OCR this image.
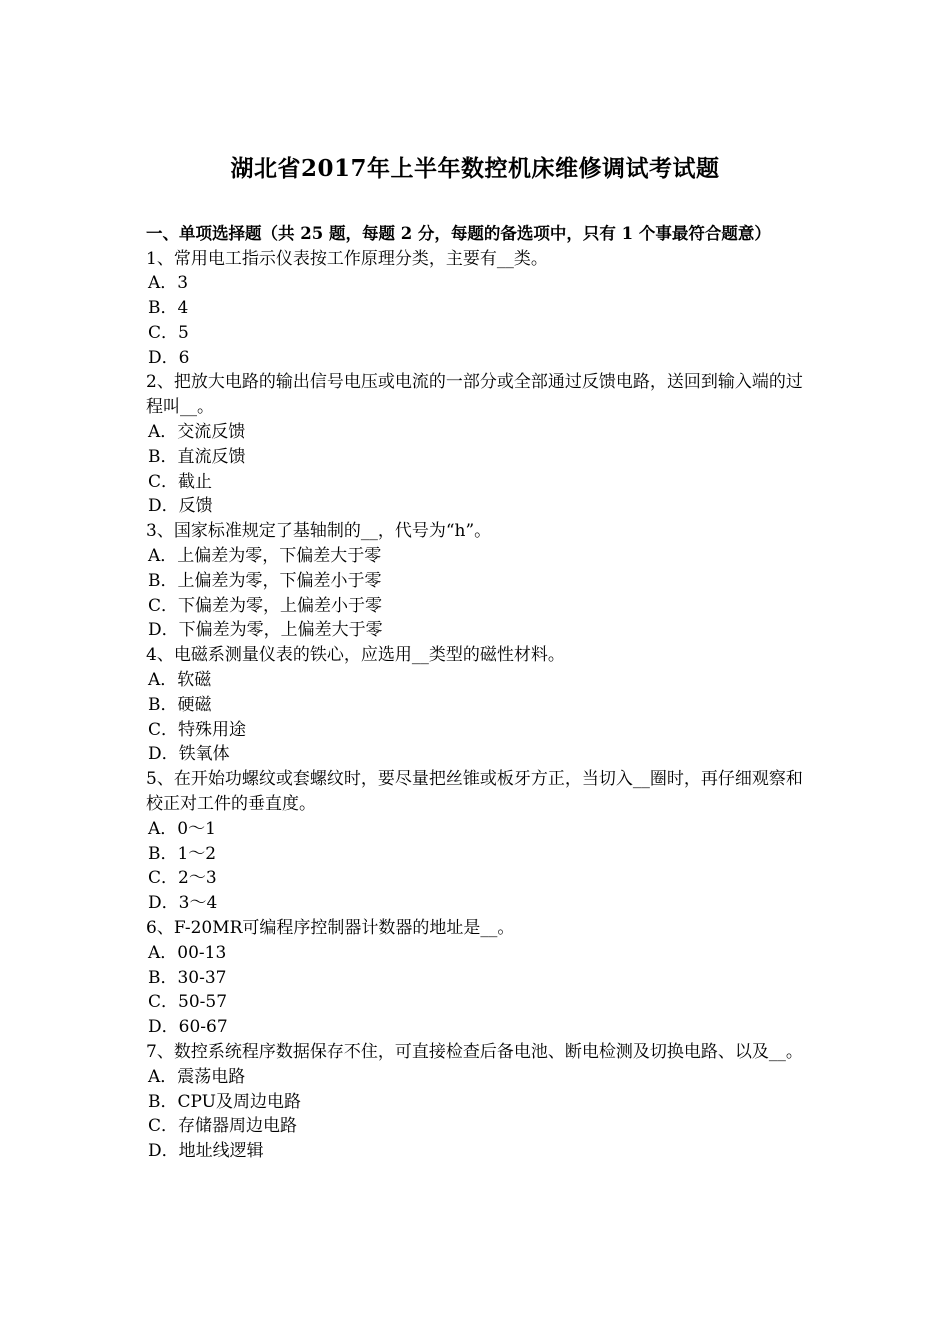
湖北省2017年上半年数控机床维修调试考试题
一、单项选择题（共 25 题，每题 2 分，每题的备选项中，只有 1 个事最符合题意）
1、常用电工指示仪表按工作原理分类，主要有__类。
A．3
B．4
C．5
D．6
2、把放大电路的输出信号电压或电流的一部分或全部通过反馈电路，送回到输入端的过程叫__。
A．交流反馈
B．直流反馈
C．截止
D．反馈
3、国家标准规定了基轴制的__，代号为“h”。
A．上偏差为零，下偏差大于零
B．上偏差为零，下偏差小于零
C．下偏差为零，上偏差小于零
D．下偏差为零，上偏差大于零
4、电磁系测量仪表的铁心，应选用__类型的磁性材料。
A．软磁
B．硬磁
C．特殊用途
D．铁氧体
5、在开始功螺纹或套螺纹时，要尽量把丝锥或板牙方正，当切入__圈时，再仔细观察和校正对工件的垂直度。
A．0～1
B．1～2
C．2～3
D．3～4
6、F-20MR可编程序控制器计数器的地址是__。
A．00-13
B．30-37
C．50-57
D．60-67
7、数控系统程序数据保存不住，可直接检查后备电池、断电检测及切换电路、以及__。
A．震荡电路
B．CPU及周边电路
C．存储器周边电路
D．地址线逻辑
